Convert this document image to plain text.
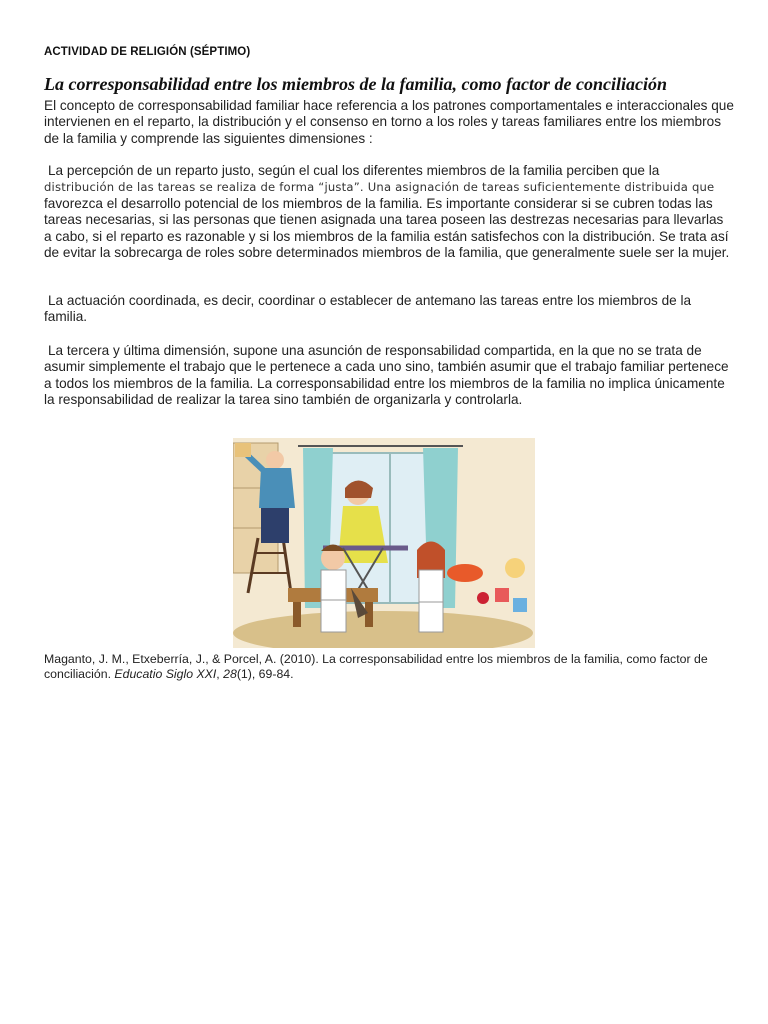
ACTIVIDAD DE RELIGIÓN (SÉPTIMO)
La corresponsabilidad entre los miembros de la familia, como factor de conciliación

El concepto de corresponsabilidad familiar hace referencia a los patrones comportamentales e interaccionales que intervienen en el reparto, la distribución y el consenso en torno a los roles y tareas familiares entre los miembros de la familia y comprende las siguientes dimensiones :

La percepción de un reparto justo, según el cual los diferentes miembros de la familia perciben que la
distribución de las tareas se realiza de forma “justa”. Una asignación de tareas suficientemente distribuida que
favorezca el desarrollo potencial de los miembros de la familia. Es importante considerar si se cubren todas las tareas necesarias, si las personas que tienen asignada una tarea poseen las destrezas necesarias para llevarlas a cabo, si el reparto es razonable y si los miembros de la familia están satisfechos con la distribución. Se trata así de evitar la sobrecarga de roles sobre determinados miembros de la familia, que generalmente suele ser la mujer.

La actuación coordinada, es decir, coordinar o establecer de antemano las tareas entre los miembros de la familia.

La tercera y última dimensión, supone una asunción de responsabilidad compartida, en la que no se trata de asumir simplemente el trabajo que le pertenece a cada uno sino, también asumir que el trabajo familiar pertenece a todos los miembros de la familia. La corresponsabilidad entre los miembros de la familia no implica únicamente la responsabilidad de realizar la tarea sino también de organizarla y controlarla.

Maganto, J. M., Etxeberría, J., & Porcel, A. (2010). La corresponsabilidad entre los miembros de la familia, como factor de conciliación. Educatio Siglo XXI, 28(1), 69-84.
